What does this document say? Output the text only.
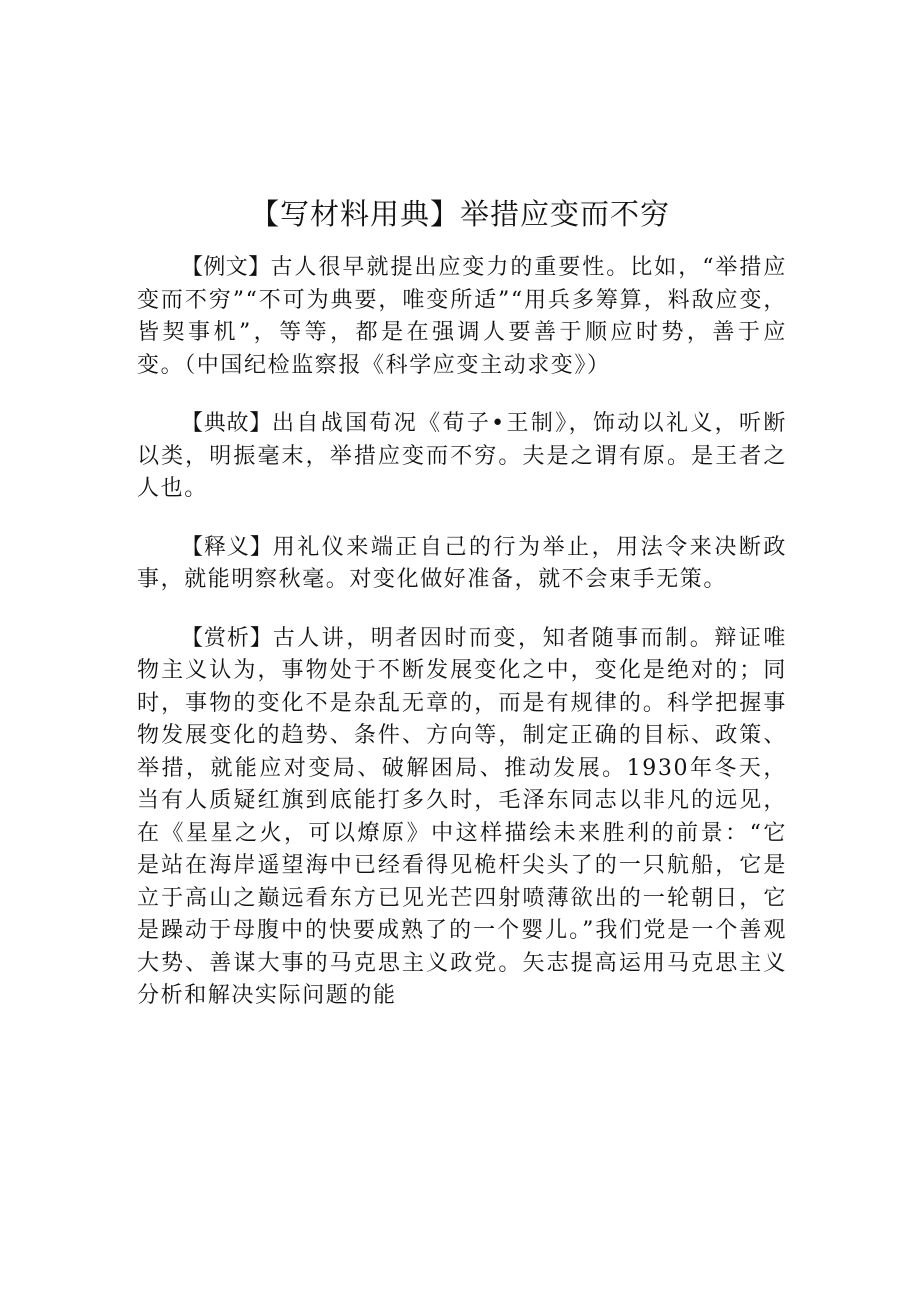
【写材料用典】举措应变而不穷

【例文】古人很早就提出应变力的重要性。比如，“举措应变而不穷”“不可为典要，唯变所适”“用兵多筹算，料敌应变，皆契事机”，等等，都是在强调人要善于顺应时势，善于应变。（中国纪检监察报《科学应变主动求变》）

【典故】出自战国荀况《荀子•王制》，饰动以礼义，听断以类，明振毫末，举措应变而不穷。夫是之谓有原。是王者之人也。

【释义】用礼仪来端正自己的行为举止，用法令来决断政事，就能明察秋毫。对变化做好准备，就不会束手无策。

【赏析】古人讲，明者因时而变，知者随事而制。辩证唯物主义认为，事物处于不断发展变化之中，变化是绝对的；同时，事物的变化不是杂乱无章的，而是有规律的。科学把握事物发展变化的趋势、条件、方向等，制定正确的目标、政策、举措，就能应对变局、破解困局、推动发展。1930年冬天，当有人质疑红旗到底能打多久时，毛泽东同志以非凡的远见，在《星星之火，可以燎原》中这样描绘未来胜利的前景：“它是站在海岸遥望海中已经看得见桅杆尖头了的一只航船，它是立于高山之巅远看东方已见光芒四射喷薄欲出的一轮朝日，它是躁动于母腹中的快要成熟了的一个婴儿。”我们党是一个善观大势、善谋大事的马克思主义政党。矢志提高运用马克思主义分析和解决实际问题的能
